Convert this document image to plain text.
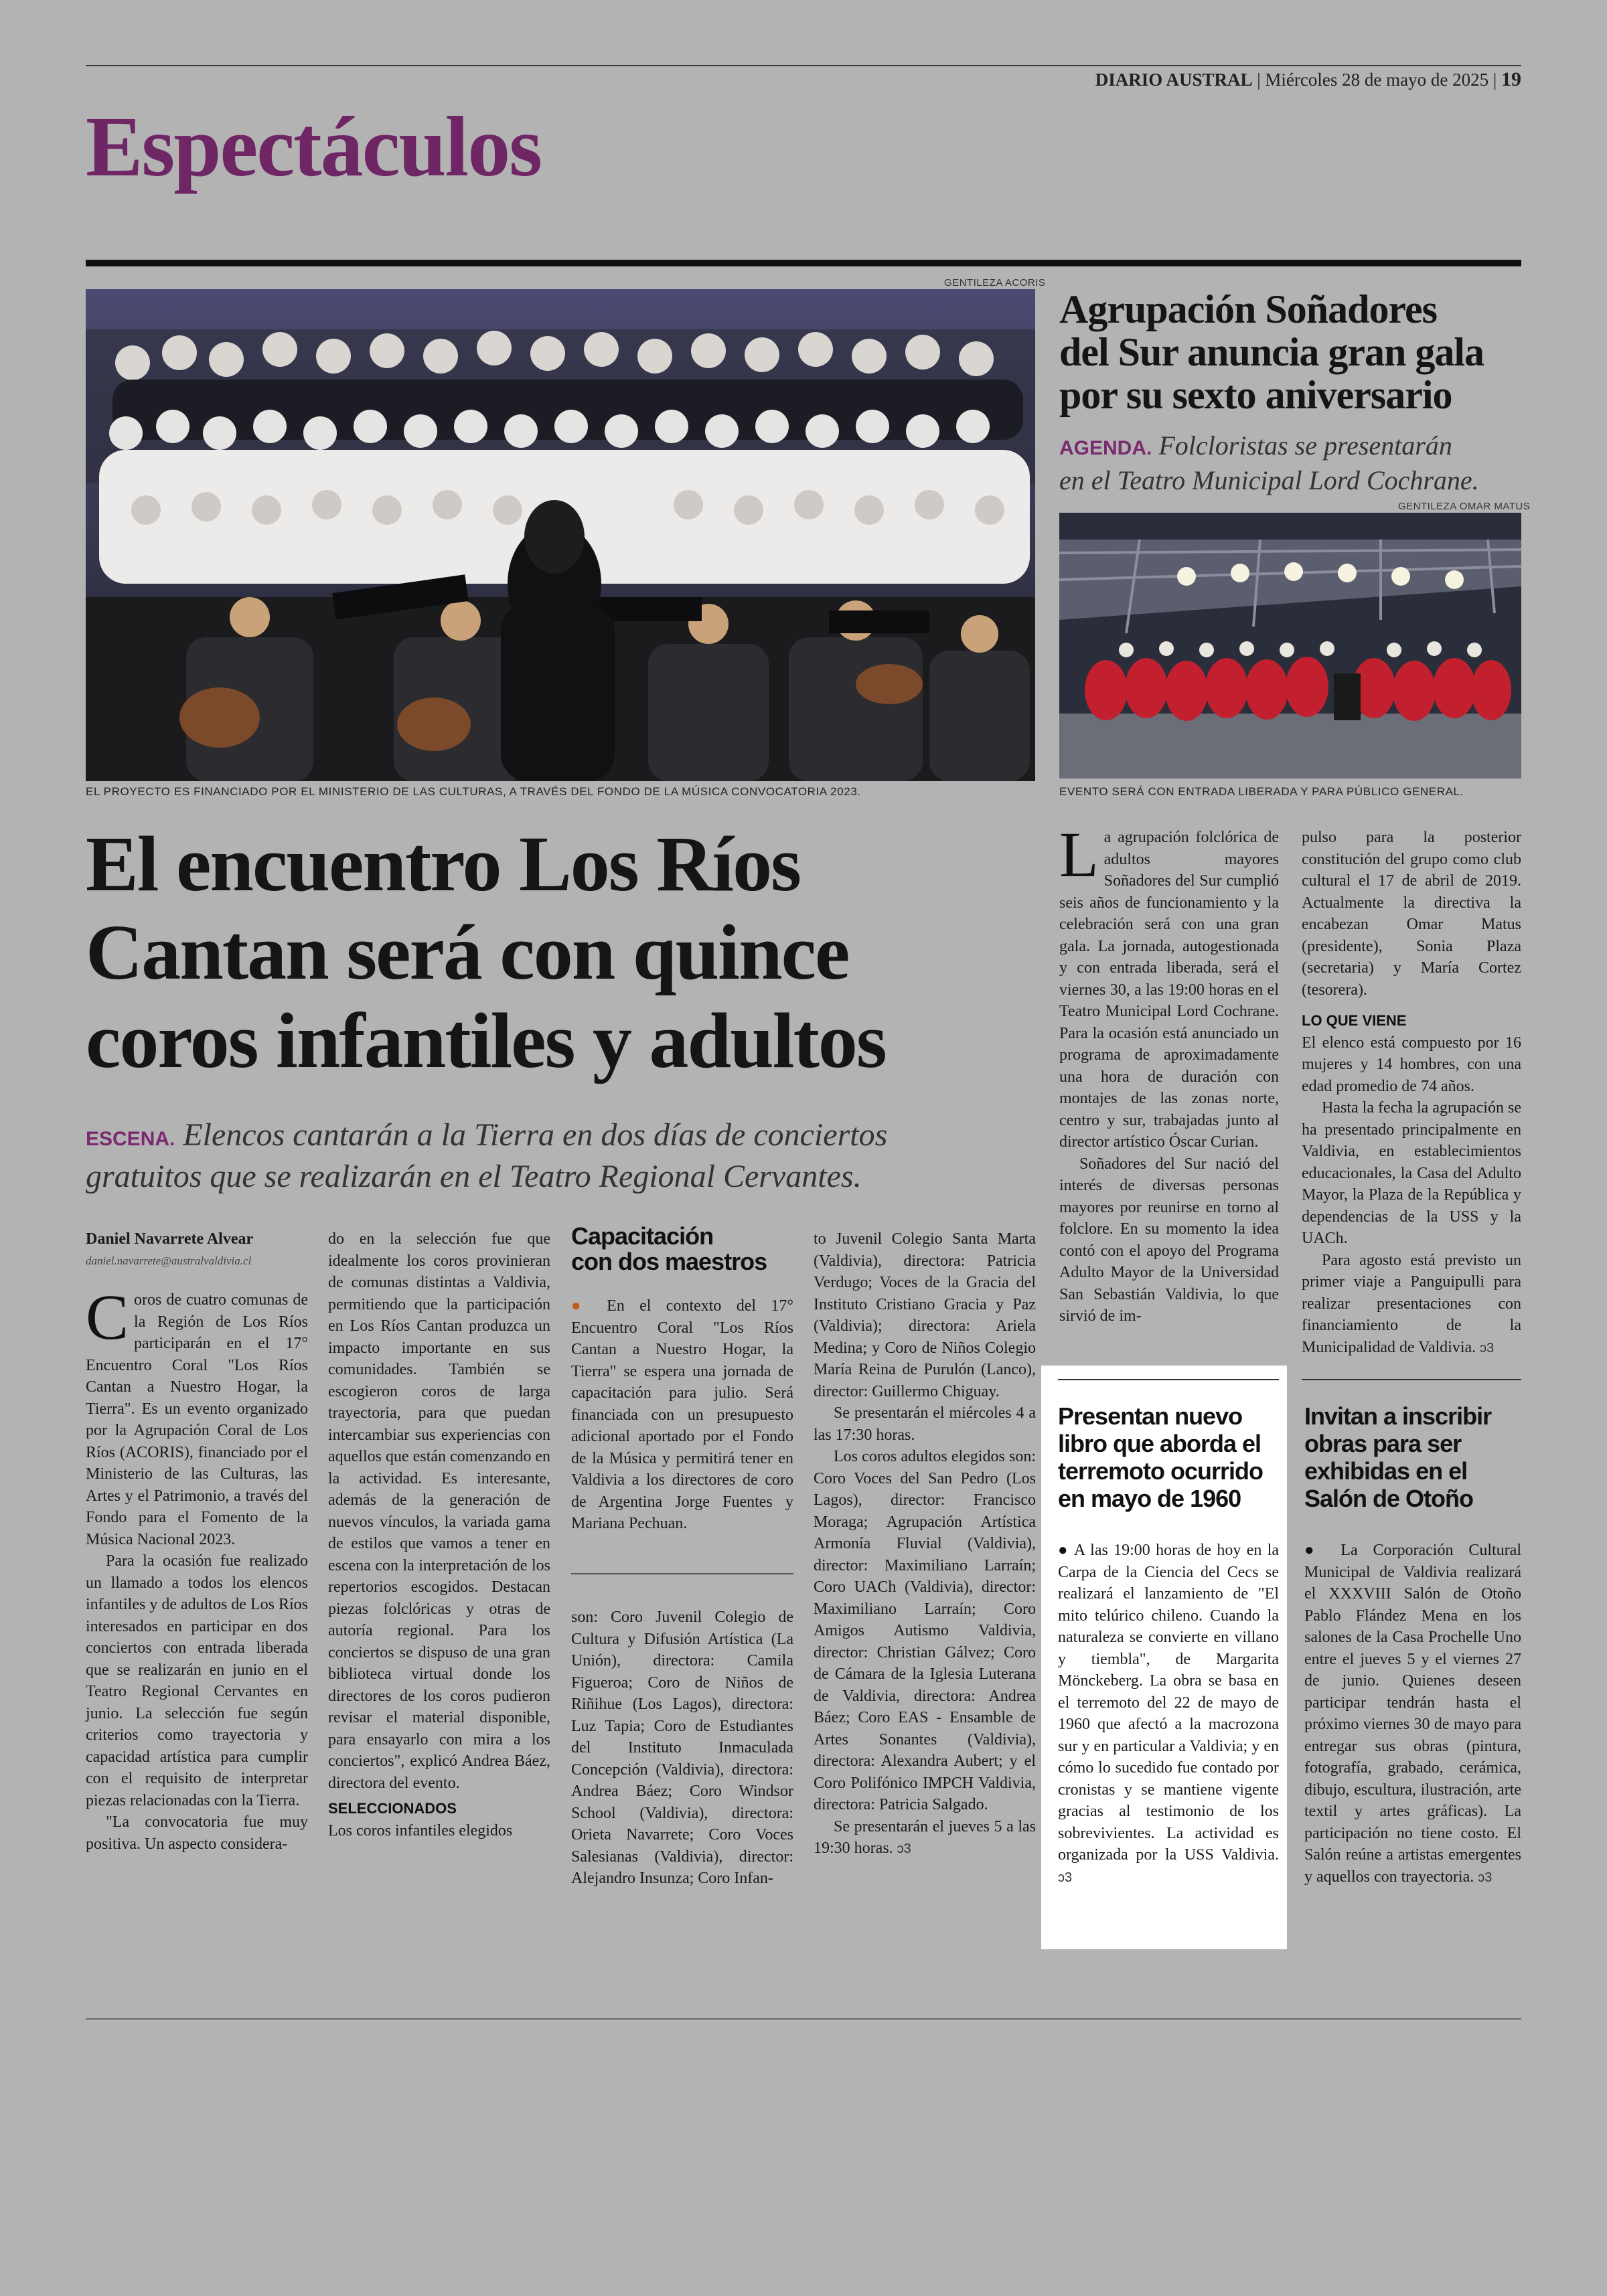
DIARIO AUSTRAL | Miércoles 28 de mayo de 2025 | 19
Espectáculos
GENTILEZA ACORIS
EL PROYECTO ES FINANCIADO POR EL MINISTERIO DE LAS CULTURAS, A TRAVÉS DEL FONDO DE LA MÚSICA CONVOCATORIA 2023.
El encuentro Los Ríos
Cantan será con quince
coros infantiles y adultos
ESCENA. Elencos cantarán a la Tierra en dos días de conciertos
gratuitos que se realizarán en el Teatro Regional Cervantes.
Daniel Navarrete Alvear
daniel.navarrete@australvaldivia.cl

Coros de cuatro comunas de la Región de Los Ríos participarán en el 17° Encuentro Coral "Los Ríos Cantan a Nuestro Hogar, la Tierra". Es un evento organizado por la Agrupación Coral de Los Ríos (ACORIS), financiado por el Ministerio de las Culturas, las Artes y el Patrimonio, a través del Fondo para el Fomento de la Música Nacional 2023.

Para la ocasión fue realizado un llamado a todos los elencos infantiles y de adultos de Los Ríos interesados en participar en dos conciertos con entrada liberada que se realizarán en junio en el Teatro Regional Cervantes en junio. La selección fue según criterios como trayectoria y capacidad artística para cumplir con el requisito de interpretar piezas relacionadas con la Tierra.

"La convocatoria fue muy positiva. Un aspecto considera-

do en la selección fue que idealmente los coros provinieran de comunas distintas a Valdivia, permitiendo que la participación en Los Ríos Cantan produzca un impacto importante en sus comunidades. También se escogieron coros de larga trayectoria, para que puedan intercambiar sus experiencias con aquellos que están comenzando en la actividad. Es interesante, además de la generación de nuevos vínculos, la variada gama de estilos que vamos a tener en escena con la interpretación de los repertorios escogidos. Destacan piezas folclóricas y otras de autoría regional. Para los conciertos se dispuso de una gran biblioteca virtual donde los directores de los coros pudieron revisar el material disponible, para ensayarlo con mira a los conciertos", explicó Andrea Báez, directora del evento.

SELECCIONADOS

Los coros infantiles elegidos

Capacitación
con dos maestros

● En el contexto del 17° Encuentro Coral "Los Ríos Cantan a Nuestro Hogar, la Tierra" se espera una jornada de capacitación para julio. Será financiada con un presupuesto adicional aportado por el Fondo de la Música y permitirá tener en Valdivia a los directores de coro de Argentina Jorge Fuentes y Mariana Pechuan.

son: Coro Juvenil Colegio de Cultura y Difusión Artística (La Unión), directora: Camila Figueroa; Coro de Niños de Riñihue (Los Lagos), directora: Luz Tapia; Coro de Estudiantes del Instituto Inmaculada Concepción (Valdivia), directora: Andrea Báez; Coro Windsor School (Valdivia), directora: Orieta Navarrete; Coro Voces Salesianas (Valdivia), director: Alejandro Insunza; Coro Infan-

to Juvenil Colegio Santa Marta (Valdivia), directora: Patricia Verdugo; Voces de la Gracia del Instituto Cristiano Gracia y Paz (Valdivia); directora: Ariela Medina; y Coro de Niños Colegio María Reina de Purulón (Lanco), director: Guillermo Chiguay.

Se presentarán el miércoles 4 a las 17:30 horas.

Los coros adultos elegidos son: Coro Voces del San Pedro (Los Lagos), director: Francisco Moraga; Agrupación Artística Armonía Fluvial (Valdivia), director: Maximiliano Larraín; Coro UACh (Valdivia), director: Maximiliano Larraín; Coro Amigos Autismo Valdivia, director: Christian Gálvez; Coro de Cámara de la Iglesia Luterana de Valdivia, directora: Andrea Báez; Coro EAS - Ensamble de Artes Sonantes (Valdivia), directora: Alexandra Aubert; y el Coro Polifónico IMPCH Valdivia, directora: Patricia Salgado.

Se presentarán el jueves 5 a las 19:30 horas. ↄ3

Agrupación Soñadores
del Sur anuncia gran gala
por su sexto aniversario
AGENDA. Folcloristas se presentarán
en el Teatro Municipal Lord Cochrane.
GENTILEZA OMAR MATUS
EVENTO SERÁ CON ENTRADA LIBERADA Y PARA PÚBLICO GENERAL.

La agrupación folclórica de adultos mayores Soñadores del Sur cumplió seis años de funcionamiento y la celebración será con una gran gala. La jornada, autogestionada y con entrada liberada, será el viernes 30, a las 19:00 horas en el Teatro Municipal Lord Cochrane. Para la ocasión está anunciado un programa de aproximadamente una hora de duración con montajes de las zonas norte, centro y sur, trabajadas junto al director artístico Óscar Curian.

Soñadores del Sur nació del interés de diversas personas mayores por reunirse en torno al folclore. En su momento la idea contó con el apoyo del Programa Adulto Mayor de la Universidad San Sebastián Valdivia, lo que sirvió de im-

pulso para la posterior constitución del grupo como club cultural el 17 de abril de 2019. Actualmente la directiva la encabezan Omar Matus (presidente), Sonia Plaza (secretaria) y María Cortez (tesorera).

LO QUE VIENE

El elenco está compuesto por 16 mujeres y 14 hombres, con una edad promedio de 74 años.

Hasta la fecha la agrupación se ha presentado principalmente en Valdivia, en establecimientos educacionales, la Casa del Adulto Mayor, la Plaza de la República y dependencias de la USS y la UACh.

Para agosto está previsto un primer viaje a Panguipulli para realizar presentaciones con financiamiento de la Municipalidad de Valdivia. ↄ3

Presentan nuevo
libro que aborda el
terremoto ocurrido
en mayo de 1960

● A las 19:00 horas de hoy en la Carpa de la Ciencia del Cecs se realizará el lanzamiento de "El mito telúrico chileno. Cuando la naturaleza se convierte en villano y tiembla", de Margarita Mönckeberg. La obra se basa en el terremoto del 22 de mayo de 1960 que afectó a la macrozona sur y en particular a Valdivia; y en cómo lo sucedido fue contado por cronistas y se mantiene vigente gracias al testimonio de los sobrevivientes. La actividad es organizada por la USS Valdivia. ↄ3

Invitan a inscribir
obras para ser
exhibidas en el
Salón de Otoño

● La Corporación Cultural Municipal de Valdivia realizará el XXXVIII Salón de Otoño Pablo Flández Mena en los salones de la Casa Prochelle Uno entre el jueves 5 y el viernes 27 de junio. Quienes deseen participar tendrán hasta el próximo viernes 30 de mayo para entregar sus obras (pintura, fotografía, grabado, cerámica, dibujo, escultura, ilustración, arte textil y artes gráficas). La participación no tiene costo. El Salón reúne a artistas emergentes y aquellos con trayectoria. ↄ3
